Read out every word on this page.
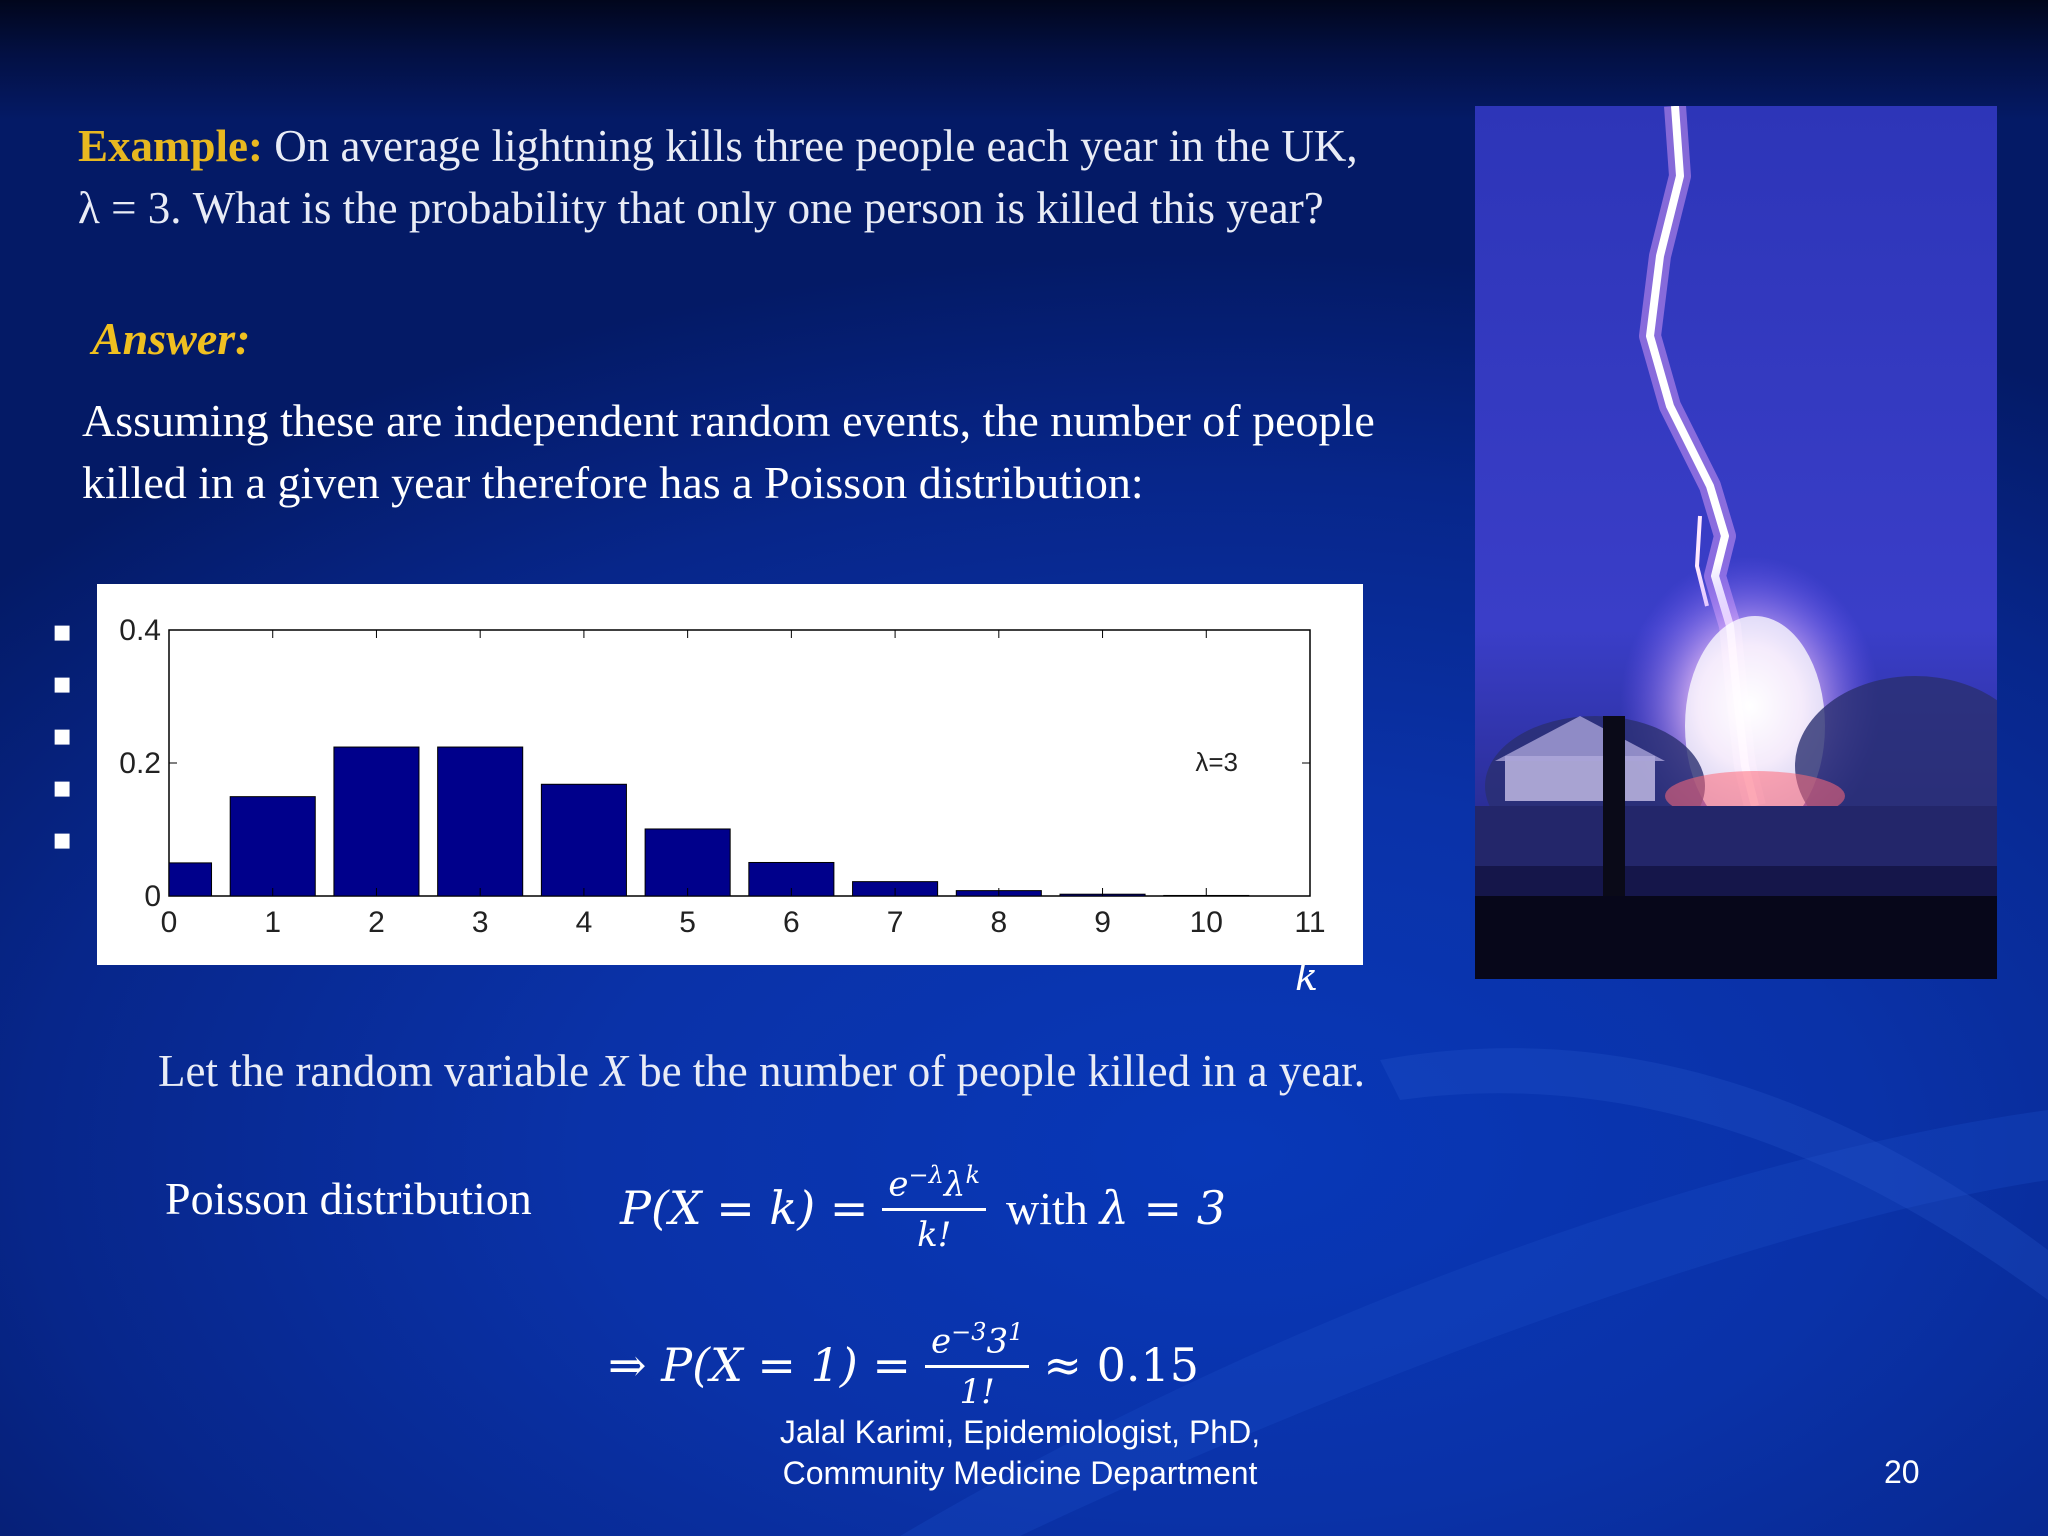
Example: On average lightning kills three people each year in the UK, λ = 3. What is the probability that only one person is killed this year?
Answer:
Assuming these are independent random events, the number of people killed in a given year therefore has a Poisson distribution:
▪
▪
▪
▪
▪
0	1	2	3	4	5	6	7	8	9	10 11
0
0.2
0.4
λ=3
k
Let the random variable X be the number of people killed in a year.
Poisson distribution $P(X = k) = \frac{e^{-\lambda}\lambda^k}{k!}$ with λ = 3
⇒ $P(X = 1) = \frac{e^{-3}3^1}{1!} \approx 0.15$
Jalal Karimi, Epidemiologist, PhD,
Community Medicine Department	20
